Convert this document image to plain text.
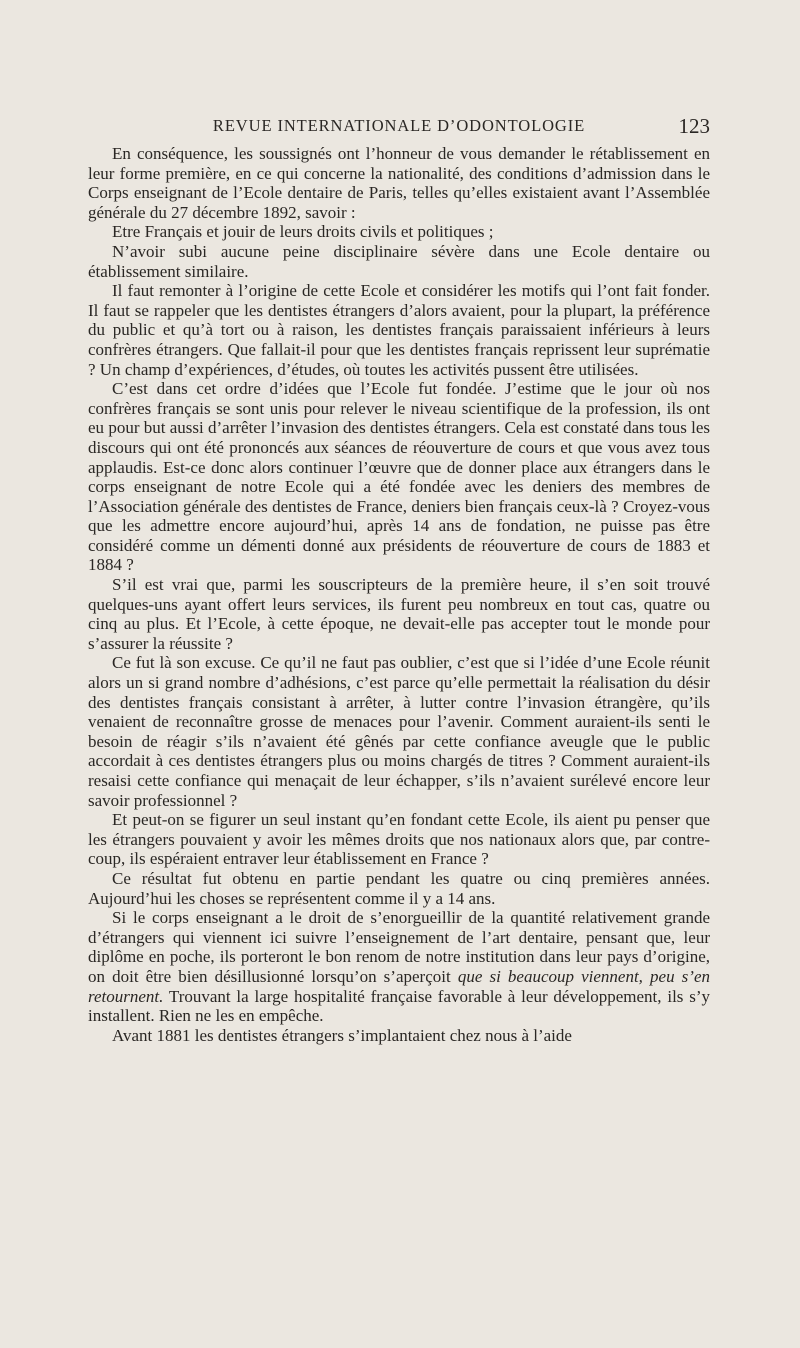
REVUE INTERNATIONALE D’ODONTOLOGIE	123

En conséquence, les soussignés ont l’honneur de vous demander le rétablissement en leur forme première, en ce qui concerne la nationalité, des conditions d’admission dans le Corps enseignant de l’Ecole dentaire de Paris, telles qu’elles existaient avant l’Assemblée générale du 27 décembre 1892, savoir :

Etre Français et jouir de leurs droits civils et politiques ;

N’avoir subi aucune peine disciplinaire sévère dans une Ecole dentaire ou établissement similaire.

Il faut remonter à l’origine de cette Ecole et considérer les motifs qui l’ont fait fonder. Il faut se rappeler que les dentistes étrangers d’alors avaient, pour la plupart, la préférence du public et qu’à tort ou à raison, les dentistes français paraissaient inférieurs à leurs confrères étrangers. Que fallait-il pour que les dentistes français reprissent leur suprématie ? Un champ d’expériences, d’études, où toutes les activités pussent être utilisées.

C’est dans cet ordre d’idées que l’Ecole fut fondée. J’estime que le jour où nos confrères français se sont unis pour relever le niveau scientifique de la profession, ils ont eu pour but aussi d’arrêter l’invasion des dentistes étrangers. Cela est constaté dans tous les discours qui ont été prononcés aux séances de réouverture de cours et que vous avez tous applaudis. Est-ce donc alors continuer l’œuvre que de donner place aux étrangers dans le corps enseignant de notre Ecole qui a été fondée avec les deniers des membres de l’Association générale des dentistes de France, deniers bien français ceux-là ? Croyez-vous que les admettre encore aujourd’hui, après 14 ans de fondation, ne puisse pas être considéré comme un démenti donné aux présidents de réouverture de cours de 1883 et 1884 ?

S’il est vrai que, parmi les souscripteurs de la première heure, il s’en soit trouvé quelques-uns ayant offert leurs services, ils furent peu nombreux en tout cas, quatre ou cinq au plus. Et l’Ecole, à cette époque, ne devait-elle pas accepter tout le monde pour s’assurer la réussite ?

Ce fut là son excuse. Ce qu’il ne faut pas oublier, c’est que si l’idée d’une Ecole réunit alors un si grand nombre d’adhésions, c’est parce qu’elle permettait la réalisation du désir des dentistes français consistant à arrêter, à lutter contre l’invasion étrangère, qu’ils venaient de reconnaître grosse de menaces pour l’avenir. Comment auraient-ils senti le besoin de réagir s’ils n’avaient été gênés par cette confiance aveugle que le public accordait à ces dentistes étrangers plus ou moins chargés de titres ? Comment auraient-ils resaisi cette confiance qui menaçait de leur échapper, s’ils n’avaient surélevé encore leur savoir professionnel ?

Et peut-on se figurer un seul instant qu’en fondant cette Ecole, ils aient pu penser que les étrangers pouvaient y avoir les mêmes droits que nos nationaux alors que, par contre-coup, ils espéraient entraver leur établissement en France ?

Ce résultat fut obtenu en partie pendant les quatre ou cinq premières années. Aujourd’hui les choses se représentent comme il y a 14 ans.

Si le corps enseignant a le droit de s’enorgueillir de la quantité relativement grande d’étrangers qui viennent ici suivre l’enseignement de l’art dentaire, pensant que, leur diplôme en poche, ils porteront le bon renom de notre institution dans leur pays d’origine, on doit être bien désillusionné lorsqu’on s’aperçoit que si beaucoup viennent, peu s’en retournent. Trouvant la large hospitalité française favorable à leur développement, ils s’y installent. Rien ne les en empêche.

Avant 1881 les dentistes étrangers s’implantaient chez nous à l’aide
